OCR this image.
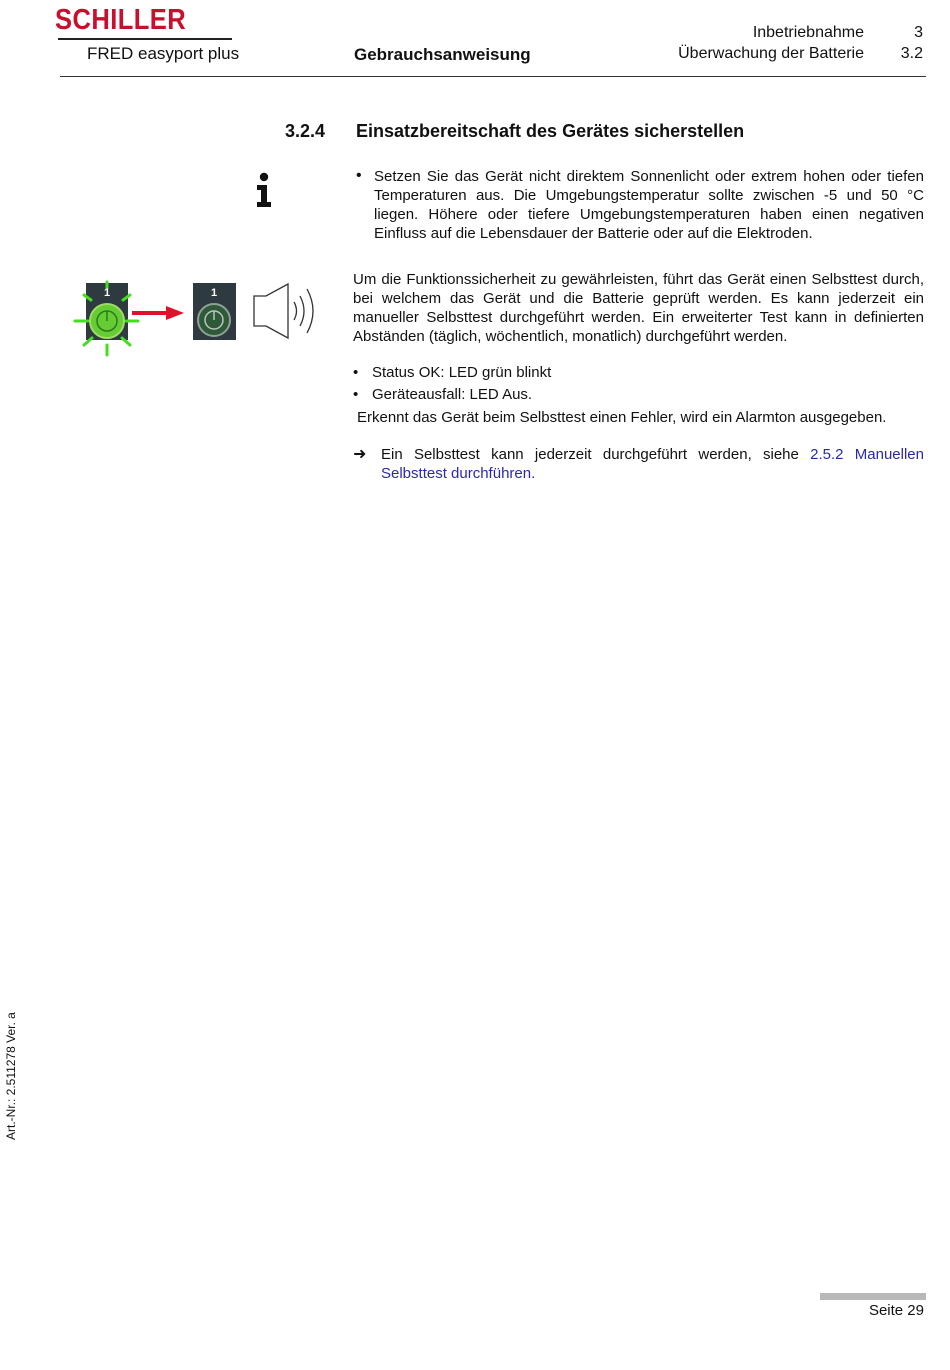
SCHILLER
FRED easyport plus	Gebrauchsanweisung
Inbetriebnahme	3
Überwachung der Batterie 3.2
3.2.4 Einsatzbereitschaft des Gerätes sicherstellen
• Setzen Sie das Gerät nicht direktem Sonnenlicht oder extrem hohen oder tiefen Temperaturen aus. Die Umgebungstemperatur sollte zwischen -5 und 50 °C liegen. Höhere oder tiefere Umgebungstemperaturen haben einen negativen Einfluss auf die Lebensdauer der Batterie oder auf die Elektroden.

1	1

Um die Funktionssicherheit zu gewährleisten, führt das Gerät einen Selbsttest durch, bei welchem das Gerät und die Batterie geprüft werden. Es kann jederzeit ein manueller Selbsttest durchgeführt werden. Ein erweiterter Test kann in definierten Abständen (täglich, wöchentlich, monatlich) durchgeführt werden.

• Status OK: LED grün blinkt
• Geräteausfall: LED Aus.
Erkennt das Gerät beim Selbsttest einen Fehler, wird ein Alarmton ausgegeben.
➜ Ein Selbsttest kann jederzeit durchgeführt werden, siehe 2.5.2 Manuellen Selbsttest durchführen.

Art.-Nr.: 2.511278 Ver. a
Seite 29
